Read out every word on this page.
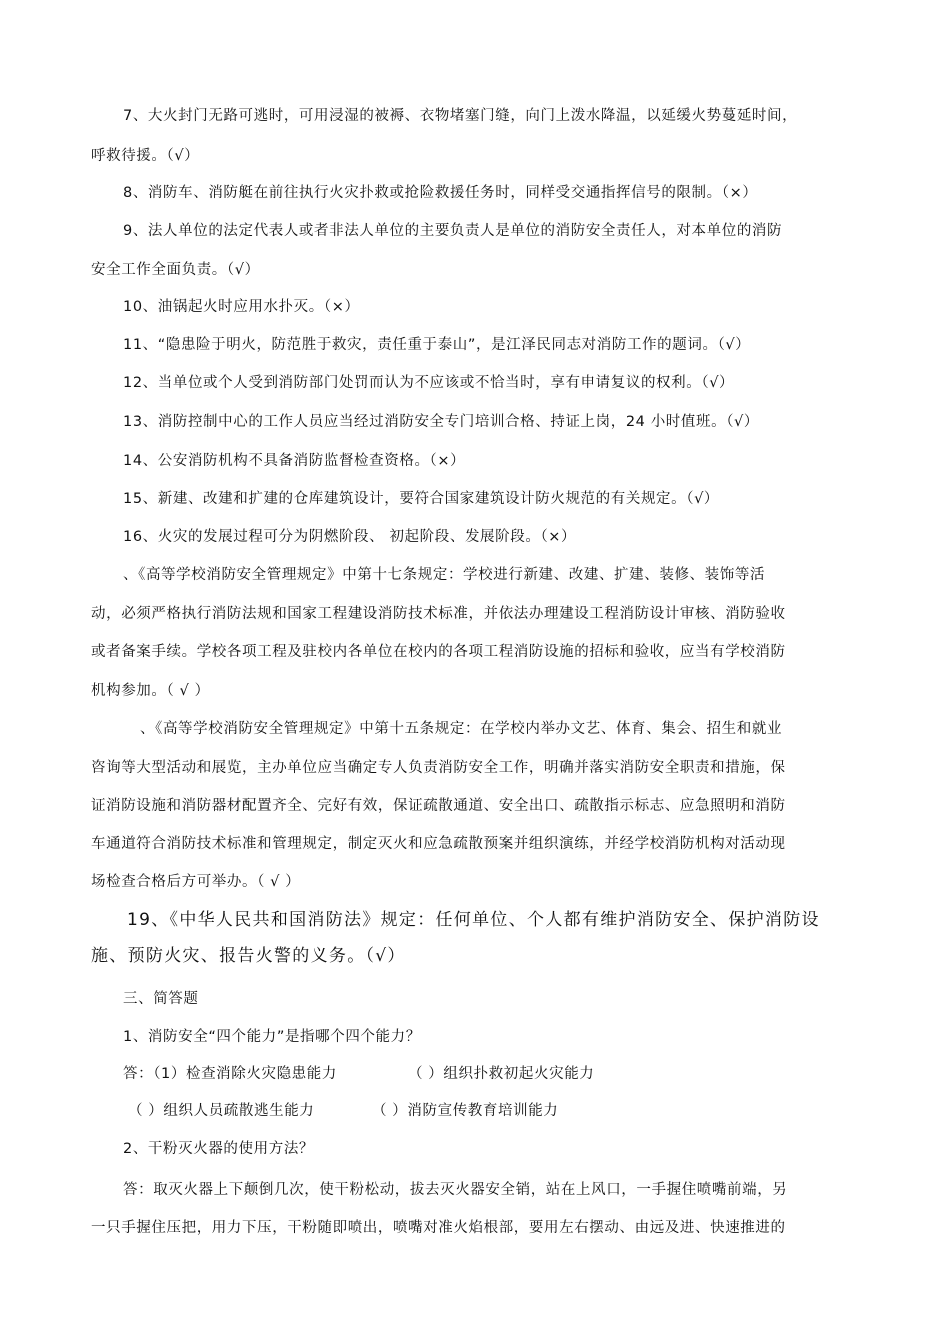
7、大火封门无路可逃时，可用浸湿的被褥、衣物堵塞门缝，向门上泼水降温，以延缓火势蔓延时间，
呼救待援。（√）
8、消防车、消防艇在前往执行火灾扑救或抢险救援任务时，同样受交通指挥信号的限制。（×）
9、法人单位的法定代表人或者非法人单位的主要负责人是单位的消防安全责任人，对本单位的消防
安全工作全面负责。（√）
10、油锅起火时应用水扑灭。（×）
11、“隐患险于明火，防范胜于救灾，责任重于泰山”，是江泽民同志对消防工作的题词。（√）
12、当单位或个人受到消防部门处罚而认为不应该或不恰当时，享有申请复议的权利。（√）
13、消防控制中心的工作人员应当经过消防安全专门培训合格、持证上岗，24 小时值班。（√）
14、公安消防机构不具备消防监督检查资格。（×）
15、新建、改建和扩建的仓库建筑设计，要符合国家建筑设计防火规范的有关规定。（√）
16、火灾的发展过程可分为阴燃阶段、 初起阶段、发展阶段。（×）
、《高等学校消防安全管理规定》中第十七条规定：学校进行新建、改建、扩建、装修、装饰等活
动，必须严格执行消防法规和国家工程建设消防技术标准，并依法办理建设工程消防设计审核、消防验收
或者备案手续。学校各项工程及驻校内各单位在校内的各项工程消防设施的招标和验收，应当有学校消防
机构参加。（ √ ）
、《高等学校消防安全管理规定》中第十五条规定：在学校内举办文艺、体育、集会、招生和就业
咨询等大型活动和展览，主办单位应当确定专人负责消防安全工作，明确并落实消防安全职责和措施，保
证消防设施和消防器材配置齐全、完好有效，保证疏散通道、安全出口、疏散指示标志、应急照明和消防
车通道符合消防技术标准和管理规定，制定灭火和应急疏散预案并组织演练，并经学校消防机构对活动现
场检查合格后方可举办。（ √ ）
19、《中华人民共和国消防法》规定：任何单位、个人都有维护消防安全、保护消防设
施、预防火灾、报告火警的义务。（√）
三、简答题
1、消防安全“四个能力”是指哪个四个能力？
答：（1）检查消除火灾隐患能力	（ ）组织扑救初起火灾能力
（ ）组织人员疏散逃生能力	（ ）消防宣传教育培训能力
2、干粉灭火器的使用方法？
答：取灭火器上下颠倒几次，使干粉松动，拔去灭火器安全销，站在上风口，一手握住喷嘴前端，另
一只手握住压把，用力下压，干粉随即喷出，喷嘴对准火焰根部，要用左右摆动、由远及进、快速推进的
